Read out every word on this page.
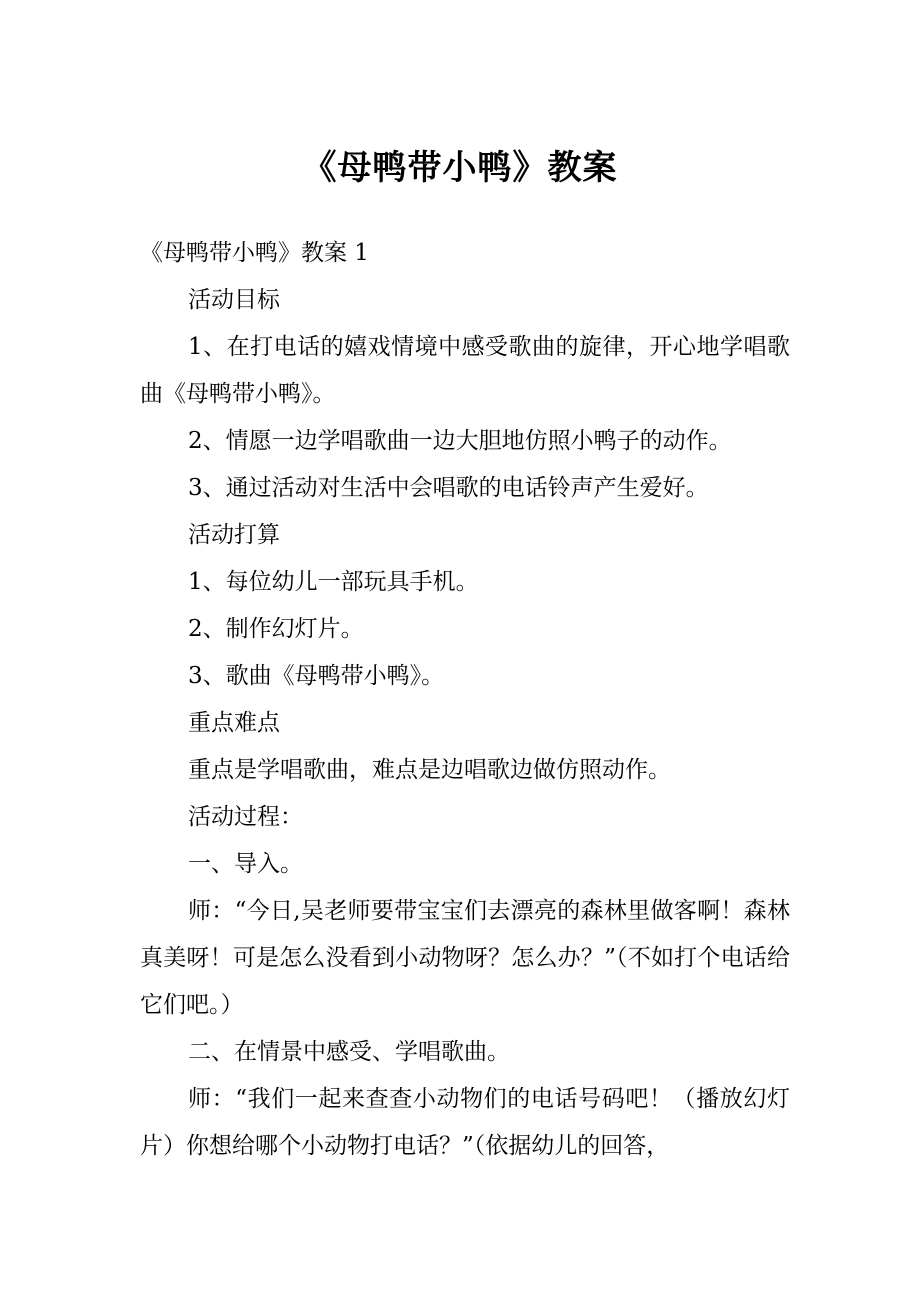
《母鸭带小鸭》教案

《母鸭带小鸭》教案 1

活动目标

1、在打电话的嬉戏情境中感受歌曲的旋律，开心地学唱歌曲《母鸭带小鸭》。

2、情愿一边学唱歌曲一边大胆地仿照小鸭子的动作。

3、通过活动对生活中会唱歌的电话铃声产生爱好。

活动打算

1、每位幼儿一部玩具手机。

2、制作幻灯片。

3、歌曲《母鸭带小鸭》。

重点难点

重点是学唱歌曲，难点是边唱歌边做仿照动作。

活动过程：

一、导入。

师：“今日,吴老师要带宝宝们去漂亮的森林里做客啊！森林真美呀！可是怎么没看到小动物呀？怎么办？”（不如打个电话给它们吧。）

二、在情景中感受、学唱歌曲。

师：“我们一起来查查小动物们的电话号码吧！（播放幻灯片）你想给哪个小动物打电话？”（依据幼儿的回答，
